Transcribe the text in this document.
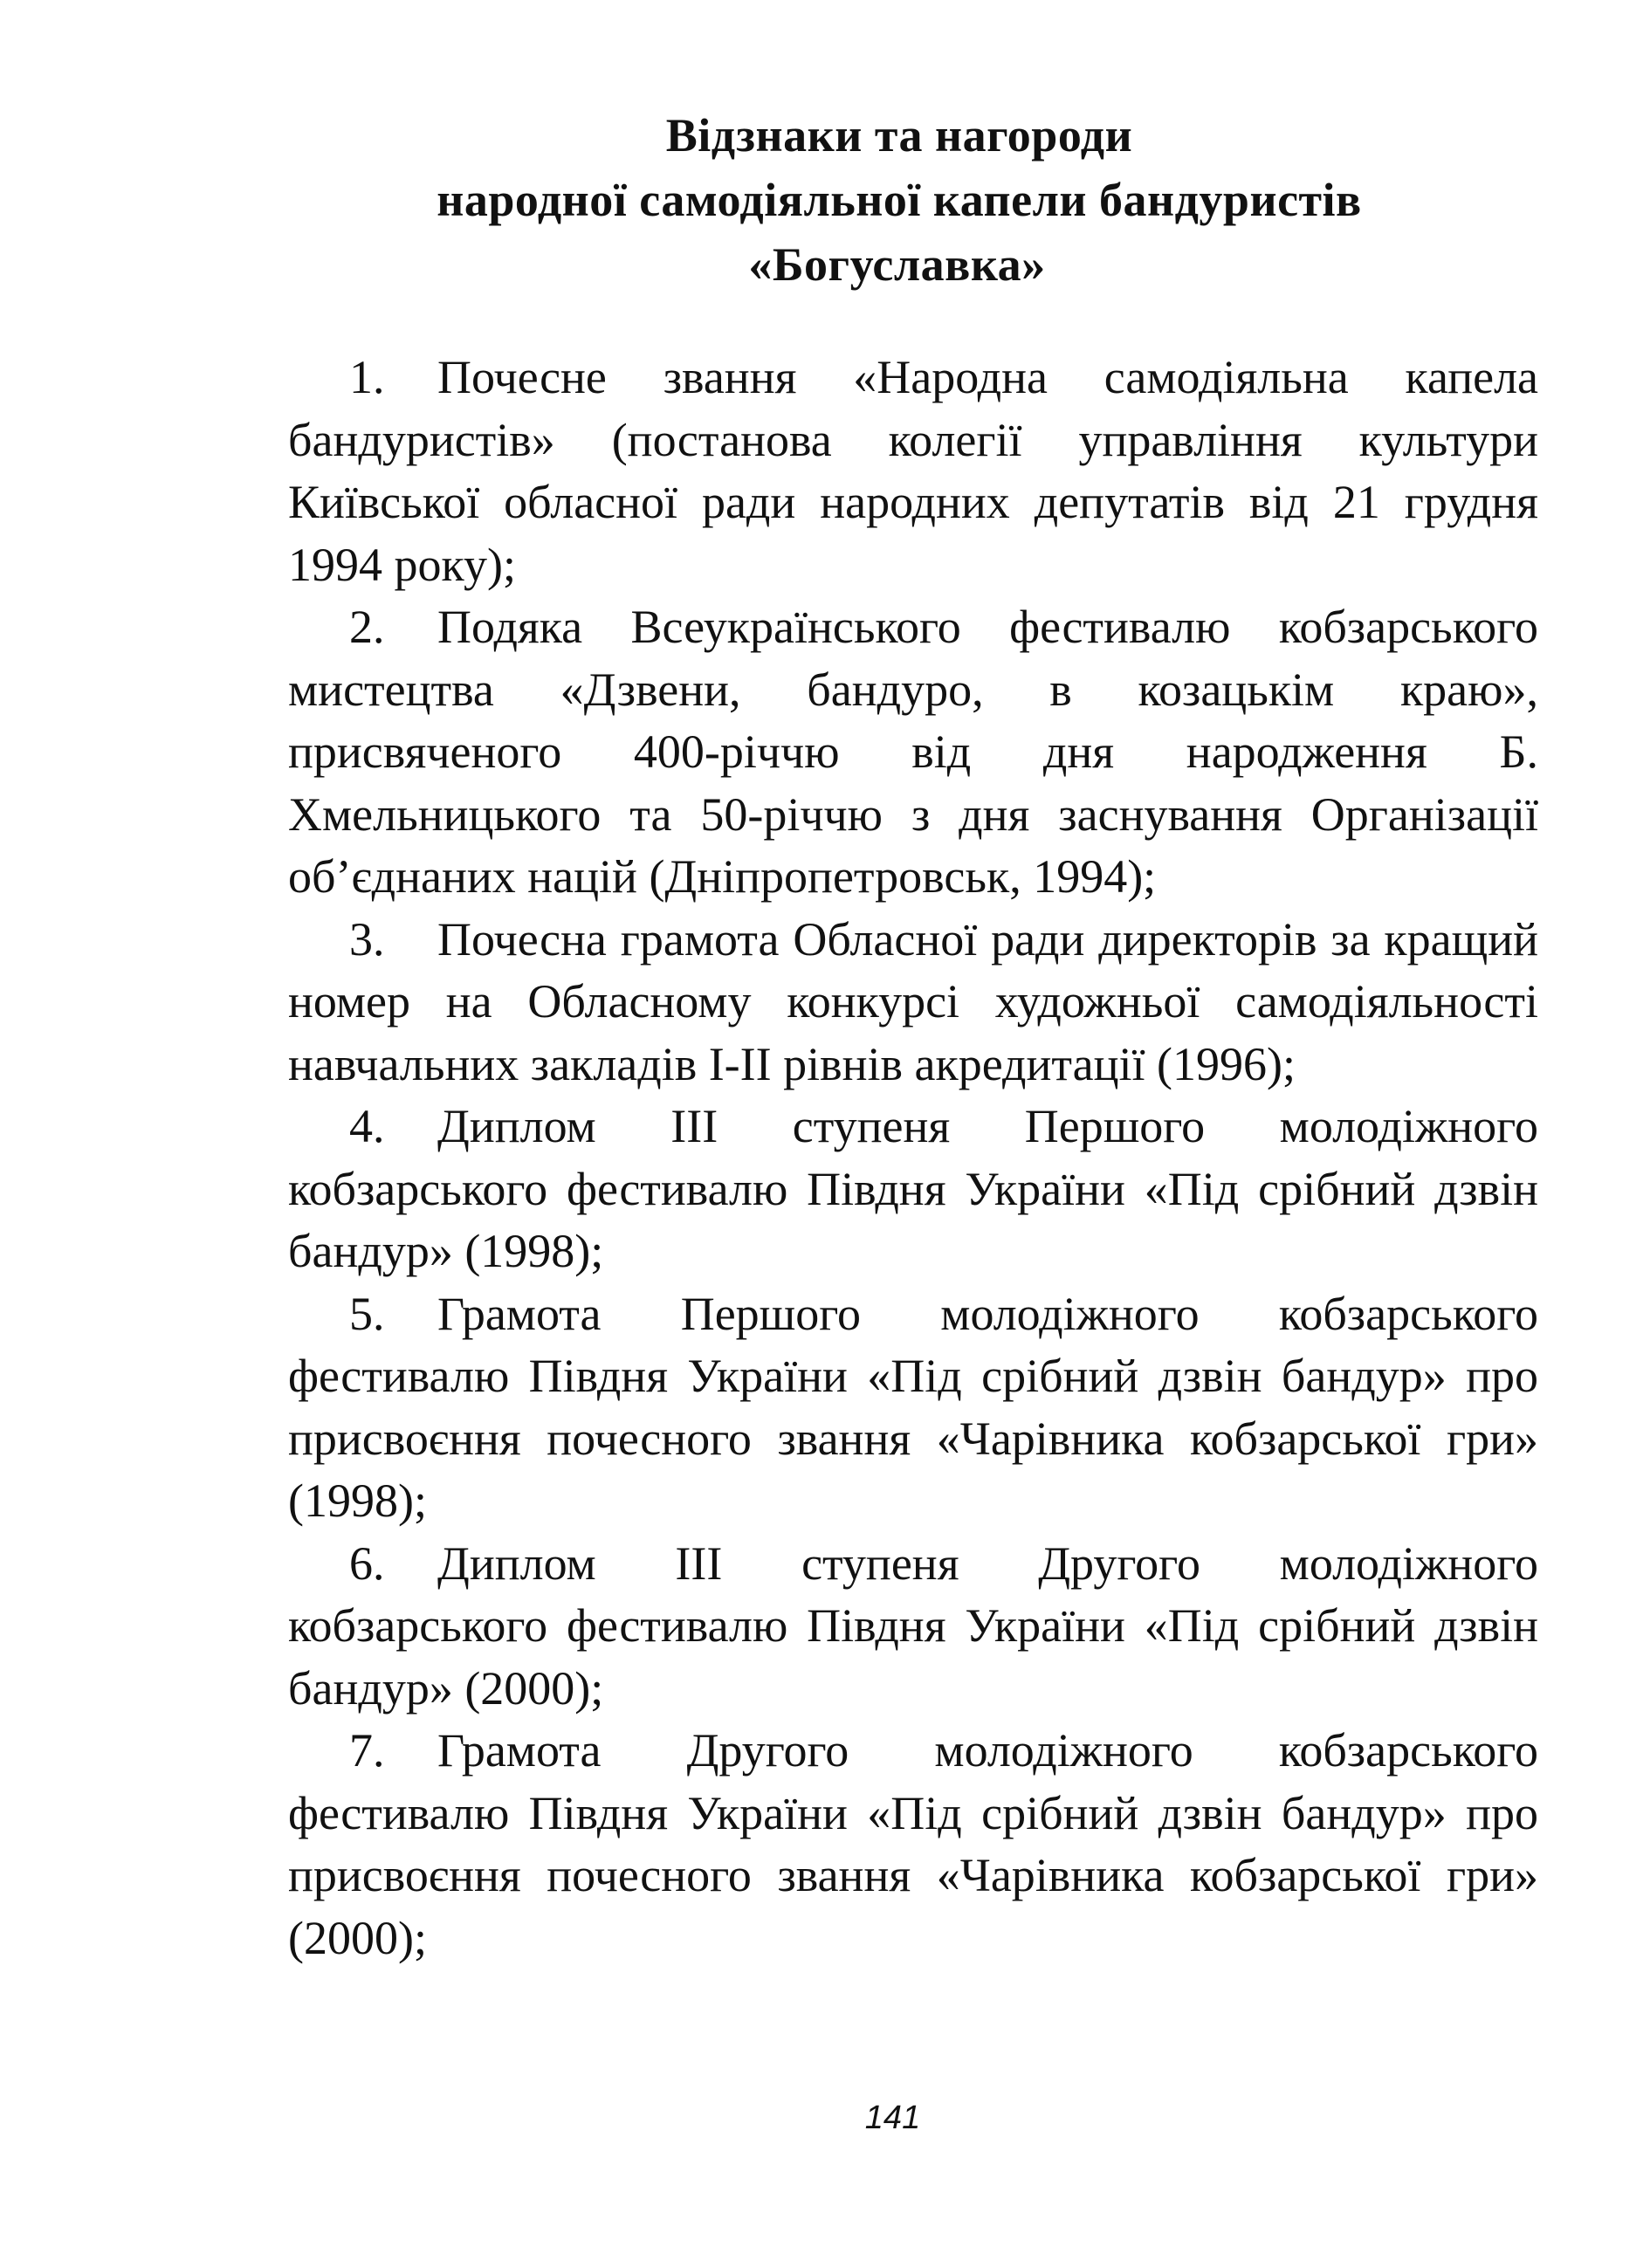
Відзнаки та нагороди
народної самодіяльної капели бандуристів
«Богуславка»

1. Почесне звання «Народна самодіяльна капела бандуристів» (постанова колегії управління культури Київської обласної ради народних депутатів від 21 грудня 1994 року);

2. Подяка Всеукраїнського фестивалю кобзарського мистецтва «Дзвени, бандуро, в козацькім краю», присвяченого 400-річчю від дня народження Б. Хмельницького та 50-річчю з дня заснування Організації об’єднаних націй (Дніпропетровськ, 1994);

3. Почесна грамота Обласної ради директорів за кращий номер на Обласному конкурсі художньої самодіяльності навчальних закладів I-II рівнів акредитації (1996);

4. Диплом III ступеня Першого молодіжного кобзарського фестивалю Півдня України «Під срібний дзвін бандур» (1998);

5. Грамота Першого молодіжного кобзарського фестивалю Півдня України «Під срібний дзвін бандур» про присвоєння почесного звання «Чарівника кобзарської гри» (1998);

6. Диплом III ступеня Другого молодіжного кобзарського фестивалю Півдня України «Під срібний дзвін бандур» (2000);

7. Грамота Другого молодіжного кобзарського фестивалю Півдня України «Під срібний дзвін бандур» про присвоєння почесного звання «Чарівника кобзарської гри» (2000);

141
